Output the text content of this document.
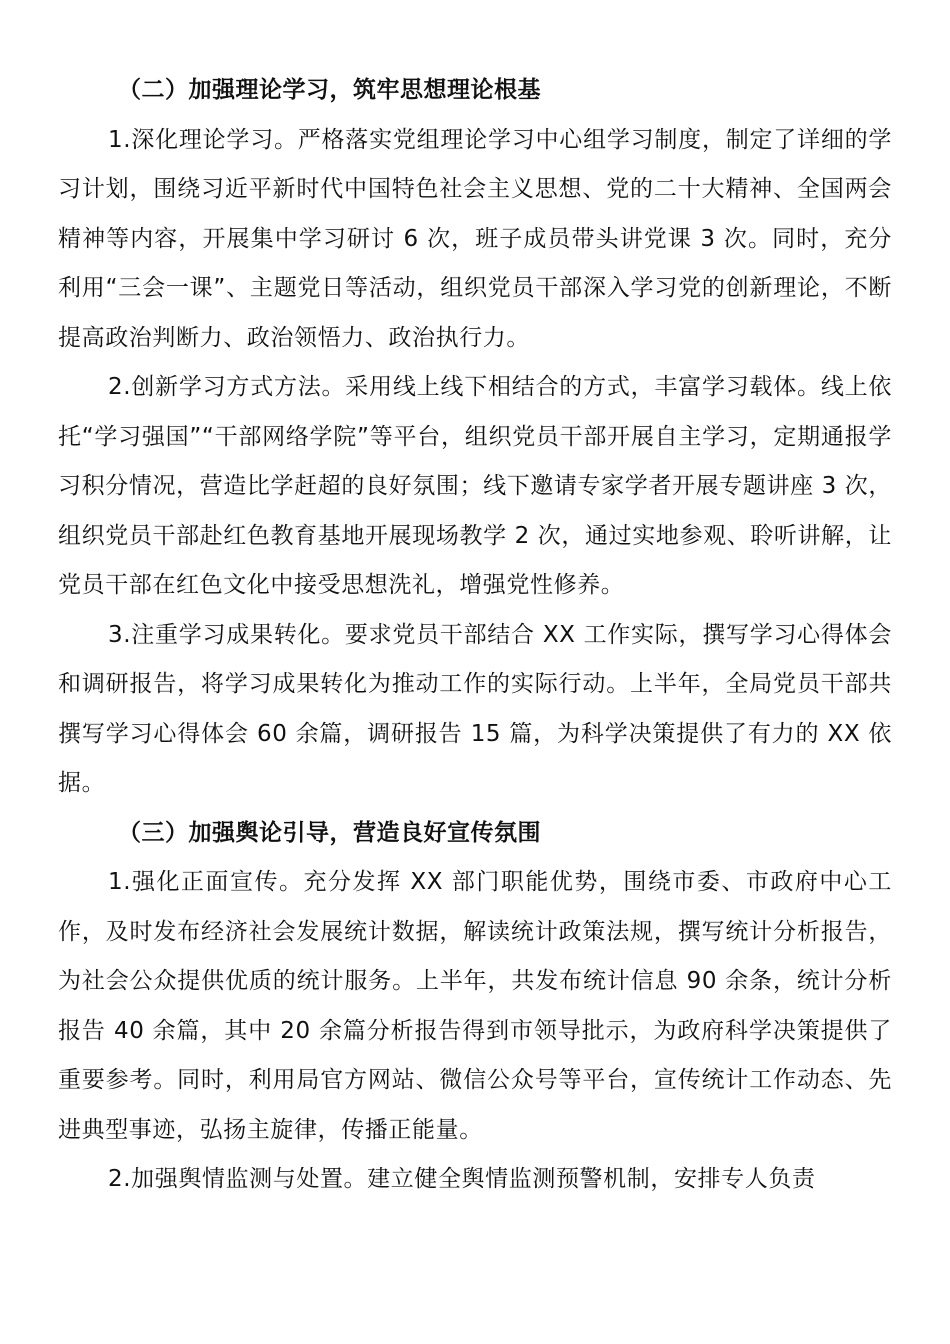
（二）加强理论学习，筑牢思想理论根基

1.深化理论学习。严格落实党组理论学习中心组学习制度，制定了详细的学习计划，围绕习近平新时代中国特色社会主义思想、党的二十大精神、全国两会精神等内容，开展集中学习研讨 6 次，班子成员带头讲党课 3 次。同时，充分利用“三会一课”、主题党日等活动，组织党员干部深入学习党的创新理论，不断提高政治判断力、政治领悟力、政治执行力。

2.创新学习方式方法。采用线上线下相结合的方式，丰富学习载体。线上依托“学习强国”“干部网络学院”等平台，组织党员干部开展自主学习，定期通报学习积分情况，营造比学赶超的良好氛围；线下邀请专家学者开展专题讲座 3 次，组织党员干部赴红色教育基地开展现场教学 2 次，通过实地参观、聆听讲解，让党员干部在红色文化中接受思想洗礼，增强党性修养。

3.注重学习成果转化。要求党员干部结合 XX 工作实际，撰写学习心得体会和调研报告，将学习成果转化为推动工作的实际行动。上半年，全局党员干部共撰写学习心得体会 60 余篇，调研报告 15 篇，为科学决策提供了有力的 XX 依据。

（三）加强舆论引导，营造良好宣传氛围

1.强化正面宣传。充分发挥 XX 部门职能优势，围绕市委、市政府中心工作，及时发布经济社会发展统计数据，解读统计政策法规，撰写统计分析报告，为社会公众提供优质的统计服务。上半年，共发布统计信息 90 余条，统计分析报告 40 余篇，其中 20 余篇分析报告得到市领导批示，为政府科学决策提供了重要参考。同时，利用局官方网站、微信公众号等平台，宣传统计工作动态、先进典型事迹，弘扬主旋律，传播正能量。

2.加强舆情监测与处置。建立健全舆情监测预警机制，安排专人负责
